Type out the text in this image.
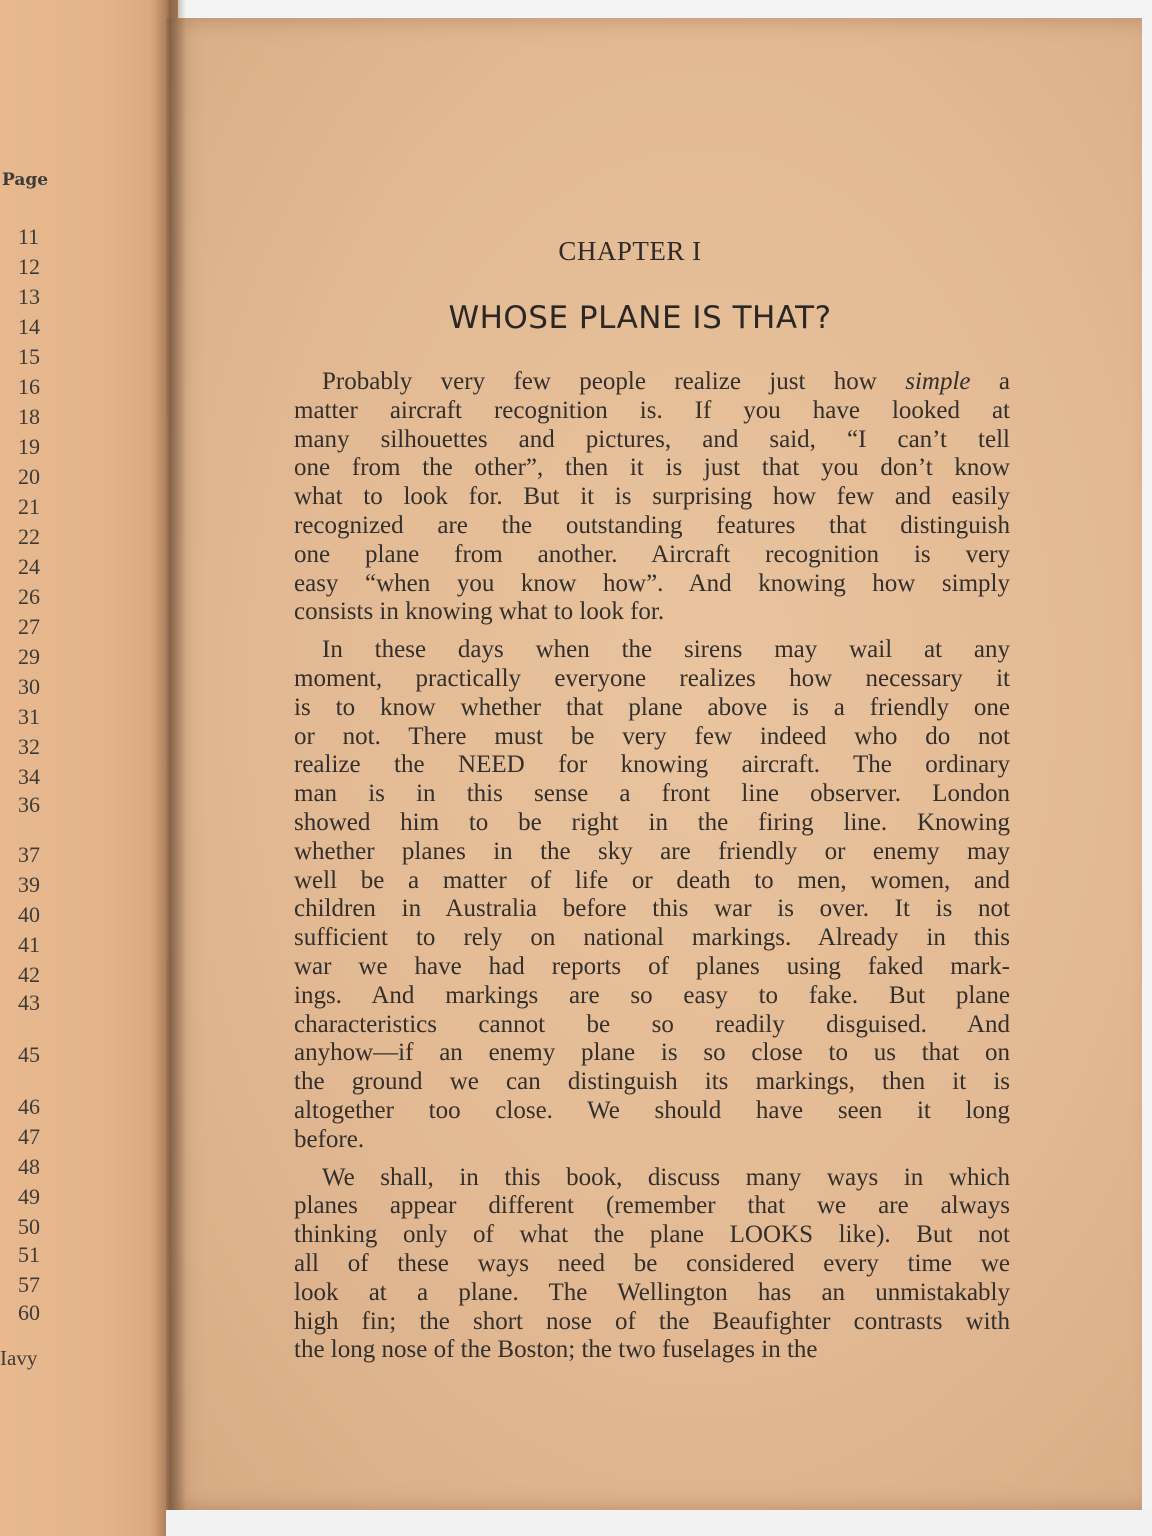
Page
11
12
13
14
15
16
18
19
20
21
22
24
26
27
29
30
31
32
34
36
37
39
40
41
42
43
45
46
47
48
49
50
51
57
60
Iavy
CHAPTER I
WHOSE PLANE IS THAT?
Probably very few people realize just how simple a
matter aircraft recognition is. If you have looked at
many silhouettes and pictures, and said, “I can’t tell
one from the other”, then it is just that you don’t know
what to look for. But it is surprising how few and easily
recognized are the outstanding features that distinguish
one plane from another. Aircraft recognition is very
easy “when you know how”. And knowing how simply
consists in knowing what to look for.
In these days when the sirens may wail at any
moment, practically everyone realizes how necessary it
is to know whether that plane above is a friendly one
or not. There must be very few indeed who do not
realize the NEED for knowing aircraft. The ordinary
man is in this sense a front line observer. London
showed him to be right in the firing line. Knowing
whether planes in the sky are friendly or enemy may
well be a matter of life or death to men, women, and
children in Australia before this war is over. It is not
sufficient to rely on national markings. Already in this
war we have had reports of planes using faked mark-
ings. And markings are so easy to fake. But plane
characteristics cannot be so readily disguised. And
anyhow—if an enemy plane is so close to us that on
the ground we can distinguish its markings, then it is
altogether too close. We should have seen it long
before.
We shall, in this book, discuss many ways in which
planes appear different (remember that we are always
thinking only of what the plane LOOKS like). But not
all of these ways need be considered every time we
look at a plane. The Wellington has an unmistakably
high fin; the short nose of the Beaufighter contrasts with
the long nose of the Boston; the two fuselages in the
